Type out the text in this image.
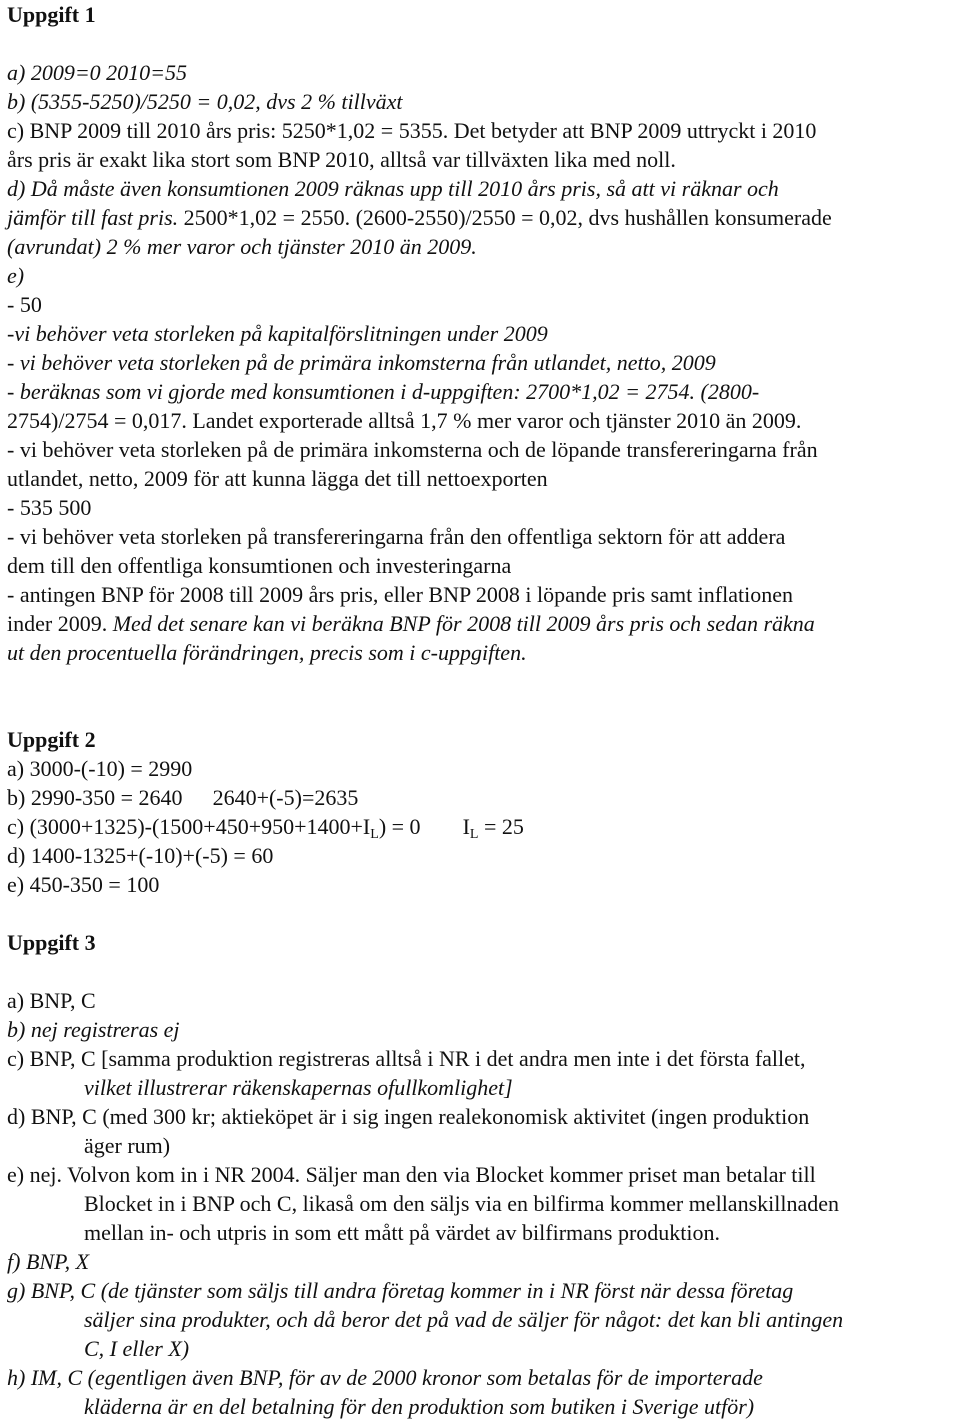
Uppgift 1
a) 2009=0 2010=55
b) (5355-5250)/5250 = 0,02, dvs 2 % tillväxt
c) BNP 2009 till 2010 års pris: 5250*1,02 = 5355. Det betyder att BNP 2009 uttryckt i 2010
års pris är exakt lika stort som BNP 2010, alltså var tillväxten lika med noll.
d) Då måste även konsumtionen 2009 räknas upp till 2010 års pris, så att vi räknar och
jämför till fast pris. 2500*1,02 = 2550. (2600-2550)/2550 = 0,02, dvs hushållen konsumerade
(avrundat) 2 % mer varor och tjänster 2010 än 2009.
e)
- 50
-vi behöver veta storleken på kapitalförslitningen under 2009
- vi behöver veta storleken på de primära inkomsterna från utlandet, netto, 2009
- beräknas som vi gjorde med konsumtionen i d-uppgiften: 2700*1,02 = 2754. (2800-
2754)/2754 = 0,017. Landet exporterade alltså 1,7 % mer varor och tjänster 2010 än 2009.
- vi behöver veta storleken på de primära inkomsterna och de löpande transfereringarna från
utlandet, netto, 2009 för att kunna lägga det till nettoexporten
- 535 500
- vi behöver veta storleken på transfereringarna från den offentliga sektorn för att addera
dem till den offentliga konsumtionen och investeringarna
- antingen BNP för 2008 till 2009 års pris, eller BNP 2008 i löpande pris samt inflationen
inder 2009. Med det senare kan vi beräkna BNP för 2008 till 2009 års pris och sedan räkna
ut den procentuella förändringen, precis som i c-uppgiften.
Uppgift 2
a) 3000-(-10) = 2990
b) 2990-350 = 2640 2640+(-5)=2635
c) $(3000+1325)-(1500+450+950+1400+I_L) = 0$ $I_L = 25$
d) 1400-1325+(-10)+(-5) = 60
e) 450-350 = 100
Uppgift 3
a) BNP, C
b) nej registreras ej
c) BNP, C [samma produktion registreras alltså i NR i det andra men inte i det första fallet,
vilket illustrerar räkenskapernas ofullkomlighet]
d) BNP, C (med 300 kr; aktieköpet är i sig ingen realekonomisk aktivitet (ingen produktion
äger rum)
e) nej. Volvon kom in i NR 2004. Säljer man den via Blocket kommer priset man betalar till
Blocket in i BNP och C, likaså om den säljs via en bilfirma kommer mellanskillnaden
mellan in- och utpris in som ett mått på värdet av bilfirmans produktion.
f) BNP, X
g) BNP, C (de tjänster som säljs till andra företag kommer in i NR först när dessa företag
säljer sina produkter, och då beror det på vad de säljer för något: det kan bli antingen
C, I eller X)
h) IM, C (egentligen även BNP, för av de 2000 kronor som betalas för de importerade
kläderna är en del betalning för den produktion som butiken i Sverige utför)
